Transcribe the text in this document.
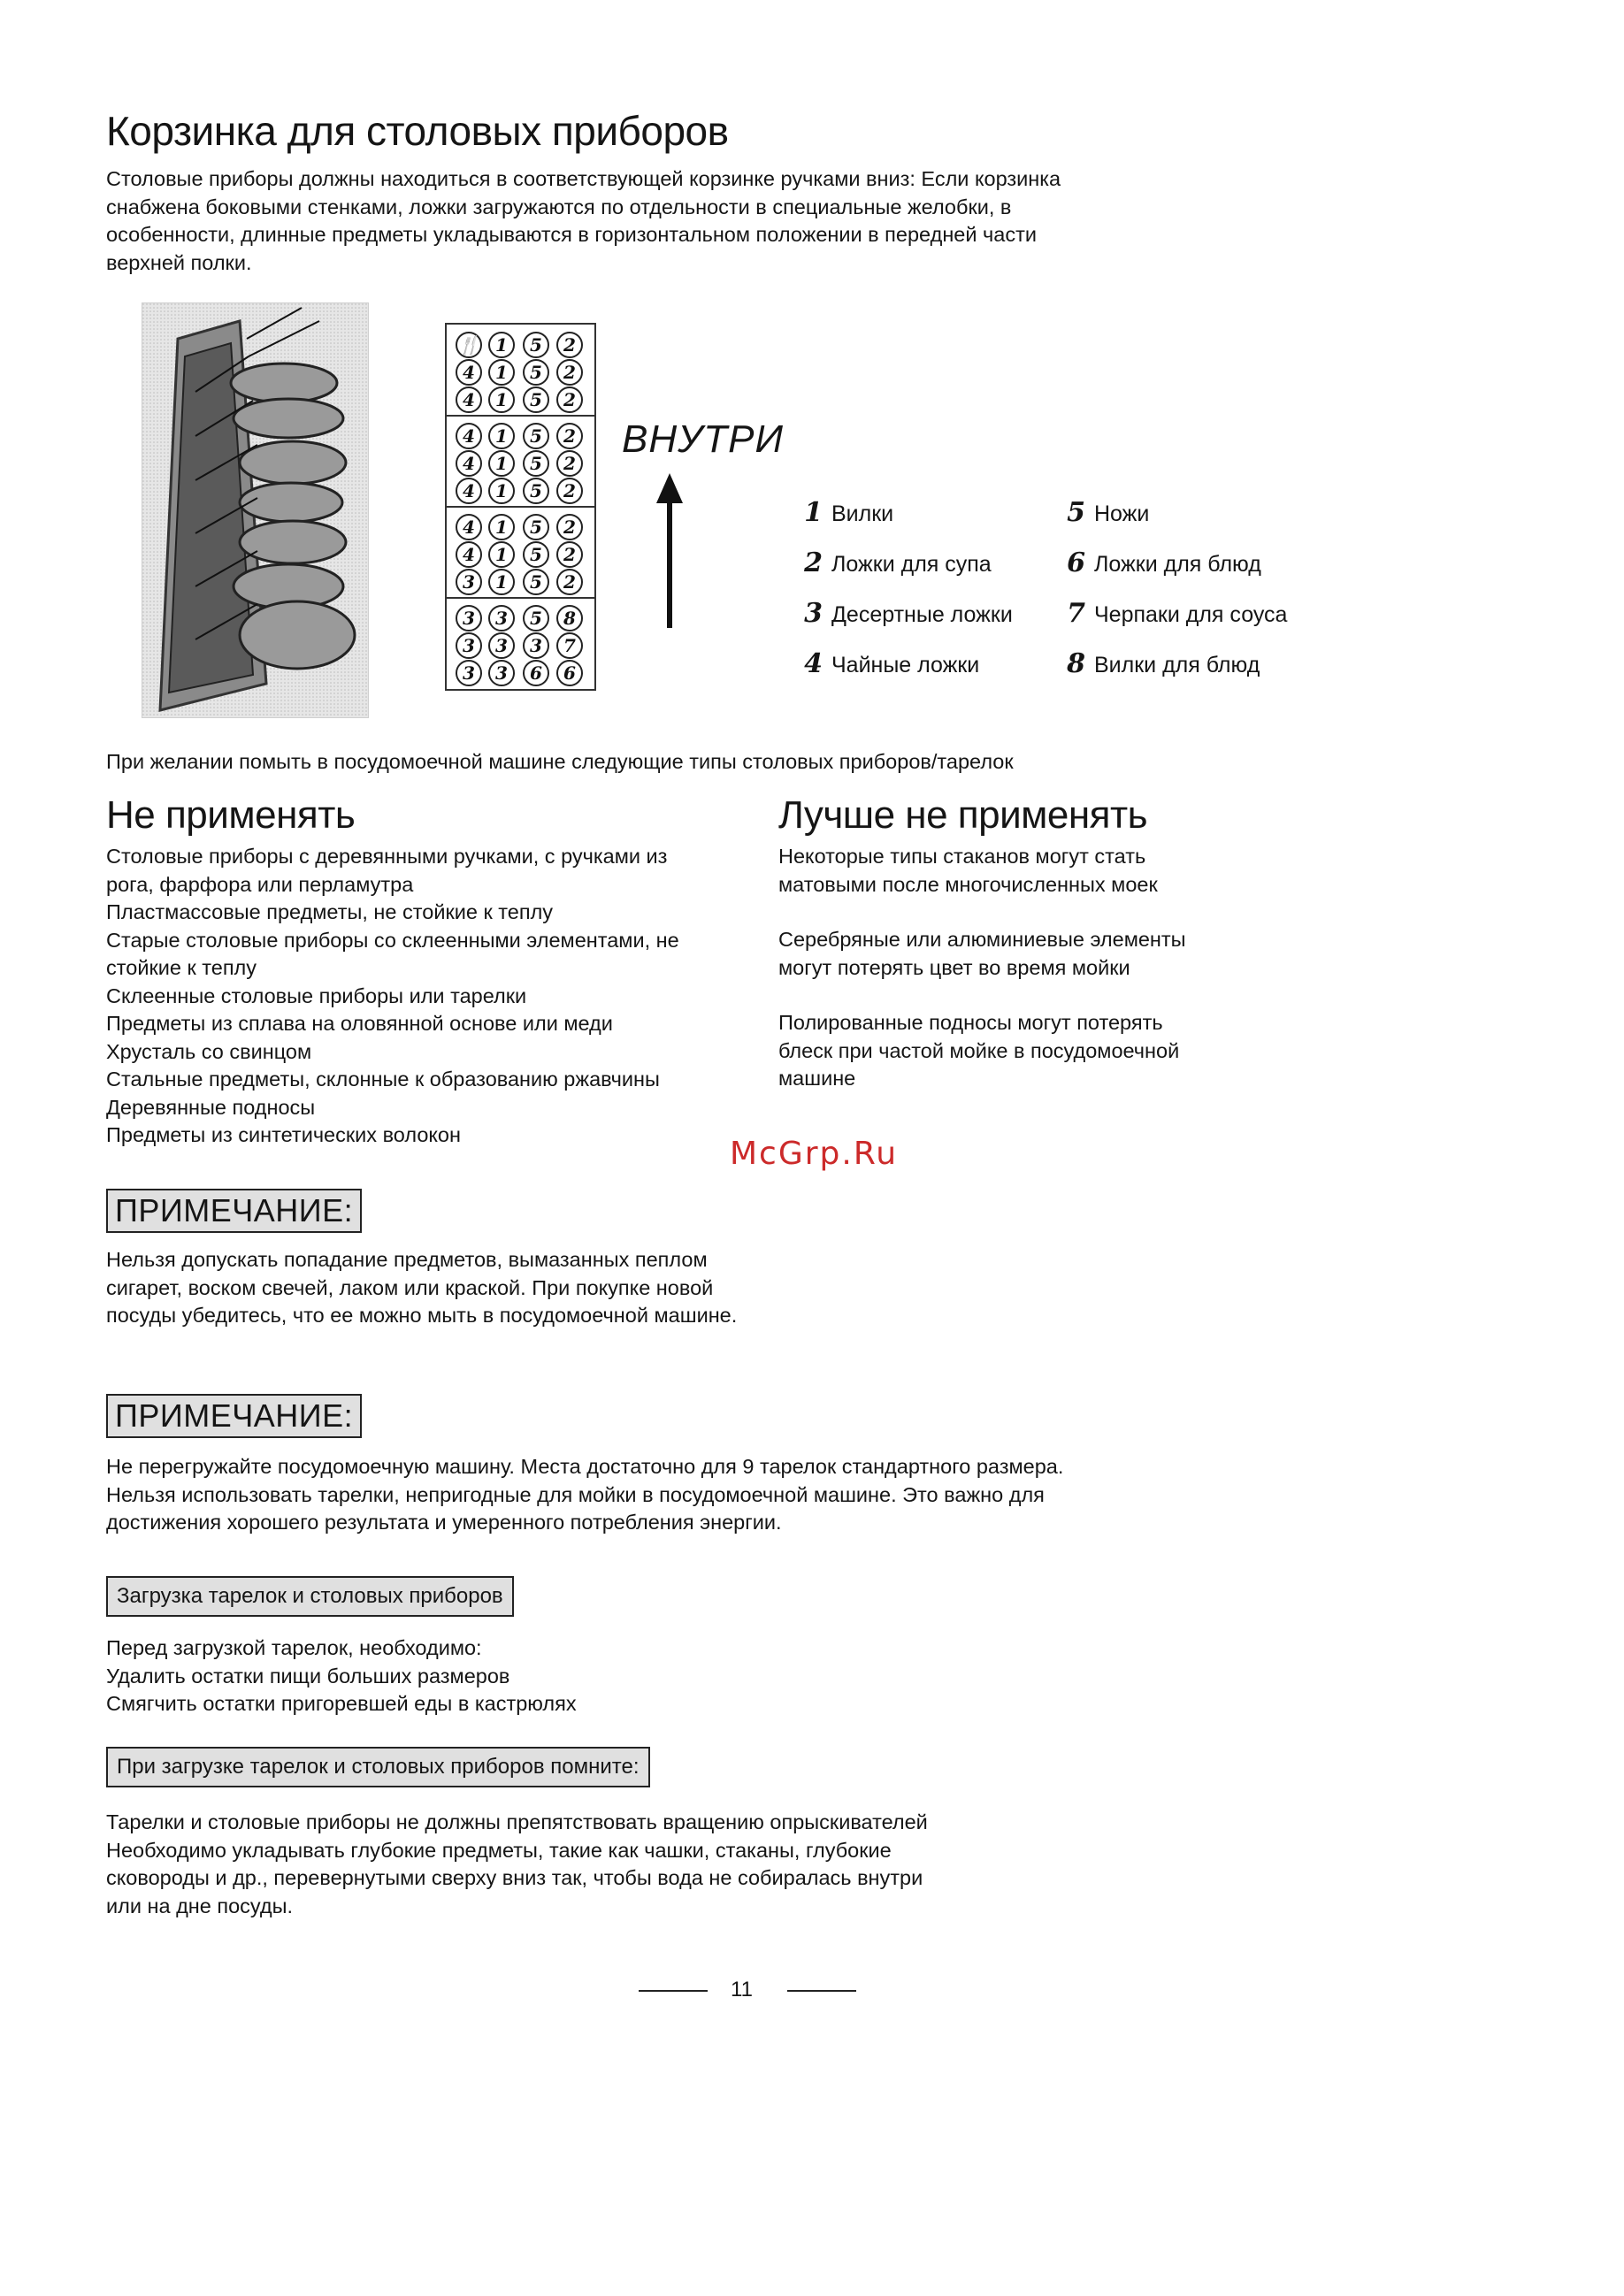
Корзинка для столовых приборов
Столовые приборы должны находиться в соответствующей корзинке ручками вниз: Если корзинка
снабжена боковыми стенками, ложки загружаются по отдельности в специальные желобки, в
особенности, длинные предметы укладываются в горизонтальном положении в передней части
верхней полки.
🍴 1	5	2
4	1	5	2
4	1	5	2
4	1	5	2
4	1	5	2
4	1	5	2
4	1	5	2
4	1	5	2
3	1	5	2
3	3	5	8
3	3	3	7
3	3	6	6
ВНУТРИ
1 Вилки
2 Ложки для супа
3 Десертные ложки
4 Чайные ложки
5 Ножи
6 Ложки для блюд
7 Черпаки для соуса
8 Вилки для блюд
При желании помыть в посудомоечной машине следующие типы столовых приборов/тарелок
Не применять
Столовые приборы с деревянными ручками, с ручками из
рога, фарфора или перламутра
Пластмассовые предметы, не стойкие к теплу
Старые столовые приборы со склеенными элементами, не
стойкие к теплу
Склеенные столовые приборы или тарелки
Предметы из сплава на оловянной основе или меди
Хрусталь со свинцом
Стальные предметы, склонные к образованию ржавчины
Деревянные подносы
Предметы из синтетических волокон
Лучше не применять
Некоторые типы стаканов могут стать
матовыми после многочисленных моек
Серебряные или алюминиевые элементы
могут потерять цвет во время мойки
Полированные подносы могут потерять
блеск при частой мойке в посудомоечной
машине
McGrp.Ru
ПРИМЕЧАНИЕ:
Нельзя допускать попадание предметов, вымазанных пеплом
сигарет, воском свечей, лаком или краской. При покупке новой
посуды убедитесь, что ее можно мыть в посудомоечной машине.
ПРИМЕЧАНИЕ:
Не перегружайте посудомоечную машину. Места достаточно для 9 тарелок стандартного размера.
Нельзя использовать тарелки, непригодные для мойки в посудомоечной машине. Это важно для
достижения хорошего результата и умеренного потребления энергии.
Загрузка тарелок и столовых приборов
Перед загрузкой тарелок, необходимо:
Удалить остатки пищи больших размеров
Смягчить остатки пригоревшей еды в кастрюлях
При загрузке тарелок и столовых приборов помните:
Тарелки и столовые приборы не должны препятствовать вращению опрыскивателей
Необходимо укладывать глубокие предметы, такие как чашки, стаканы, глубокие
сковороды и др., перевернутыми сверху вниз так, чтобы вода не собиралась внутри
или на дне посуды.
11
